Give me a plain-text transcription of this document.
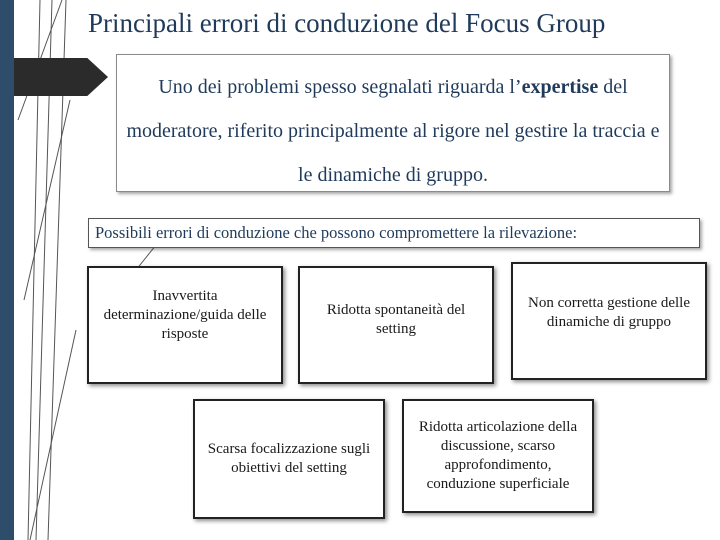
Principali errori di conduzione del Focus Group
Uno dei problemi spesso segnalati riguarda l’expertise del moderatore, riferito principalmente al rigore nel gestire la traccia e le dinamiche di gruppo.
Possibili errori di conduzione che possono compromettere la rilevazione:
Inavvertita determinazione/guida delle risposte
Ridotta spontaneità del setting
Non corretta gestione delle dinamiche di gruppo
Scarsa focalizzazione sugli obiettivi del setting
Ridotta articolazione della discussione, scarso approfondimento, conduzione superficiale
